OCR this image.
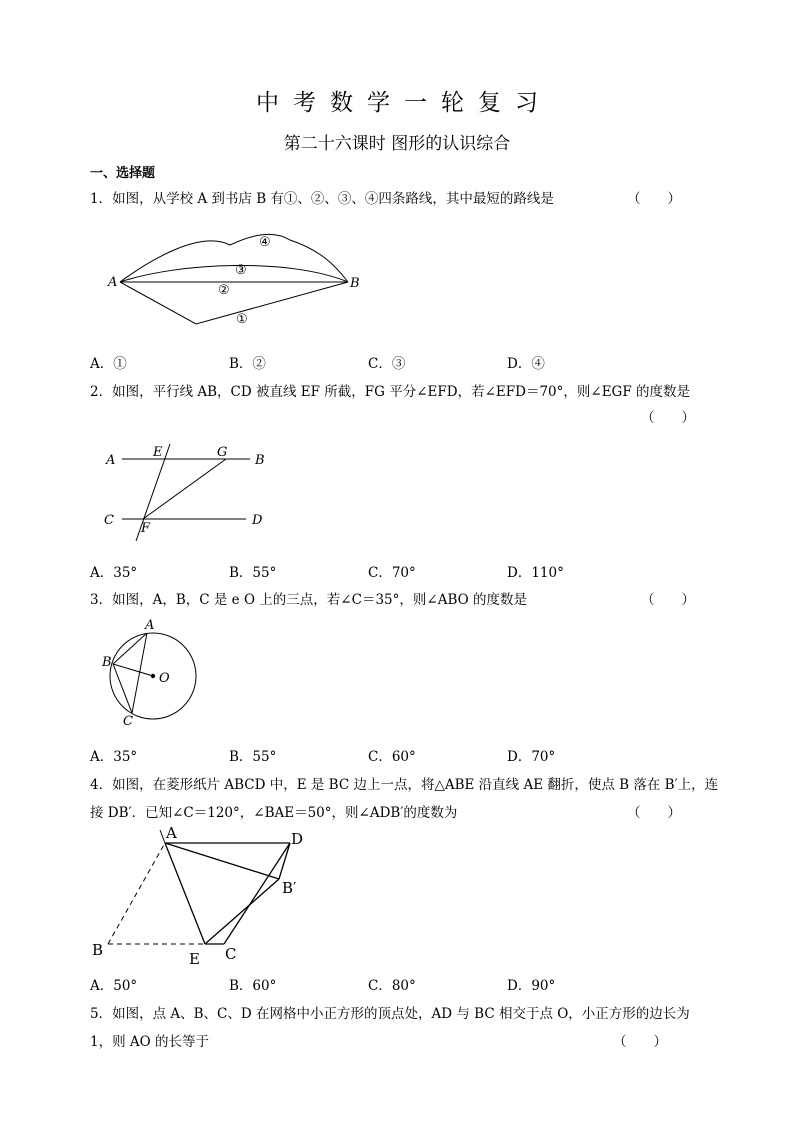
中考数学一轮复习
第二十六课时 图形的认识综合
一、选择题
1．如图，从学校 A 到书店 B 有①、②、③、④四条路线，其中最短的路线是	（　　）
A	B
①
②
③
④
A．①	B．②	C．③	D．④
2．如图，平行线 AB，CD 被直线 EF 所截，FG 平分∠EFD，若∠EFD＝70°，则∠EGF 的度数是
（　　）
A
E	G
B
C
F
D
A．35°	B．55°	C．70°	D．110°
3．如图，A，B，C 是 e O 上的三点，若∠C＝35°，则∠ABO 的度数是	（　　）
A
B
O
C
A．35°	B．55°	C．60°	D．70°
4．如图，在菱形纸片 ABCD 中，E 是 BC 边上一点，将△ABE 沿直线 AE 翻折，使点 B 落在 B′上，连
接 DB′．已知∠C＝120°，∠BAE＝50°，则∠ADB′的度数为	（　　）
A	D
B′
B	E C
A．50°	B．60°	C．80°	D．90°
5．如图，点 A、B、C、D 在网格中小正方形的顶点处，AD 与 BC 相交于点 O，小正方形的边长为
1，则 AO 的长等于	（　　）
